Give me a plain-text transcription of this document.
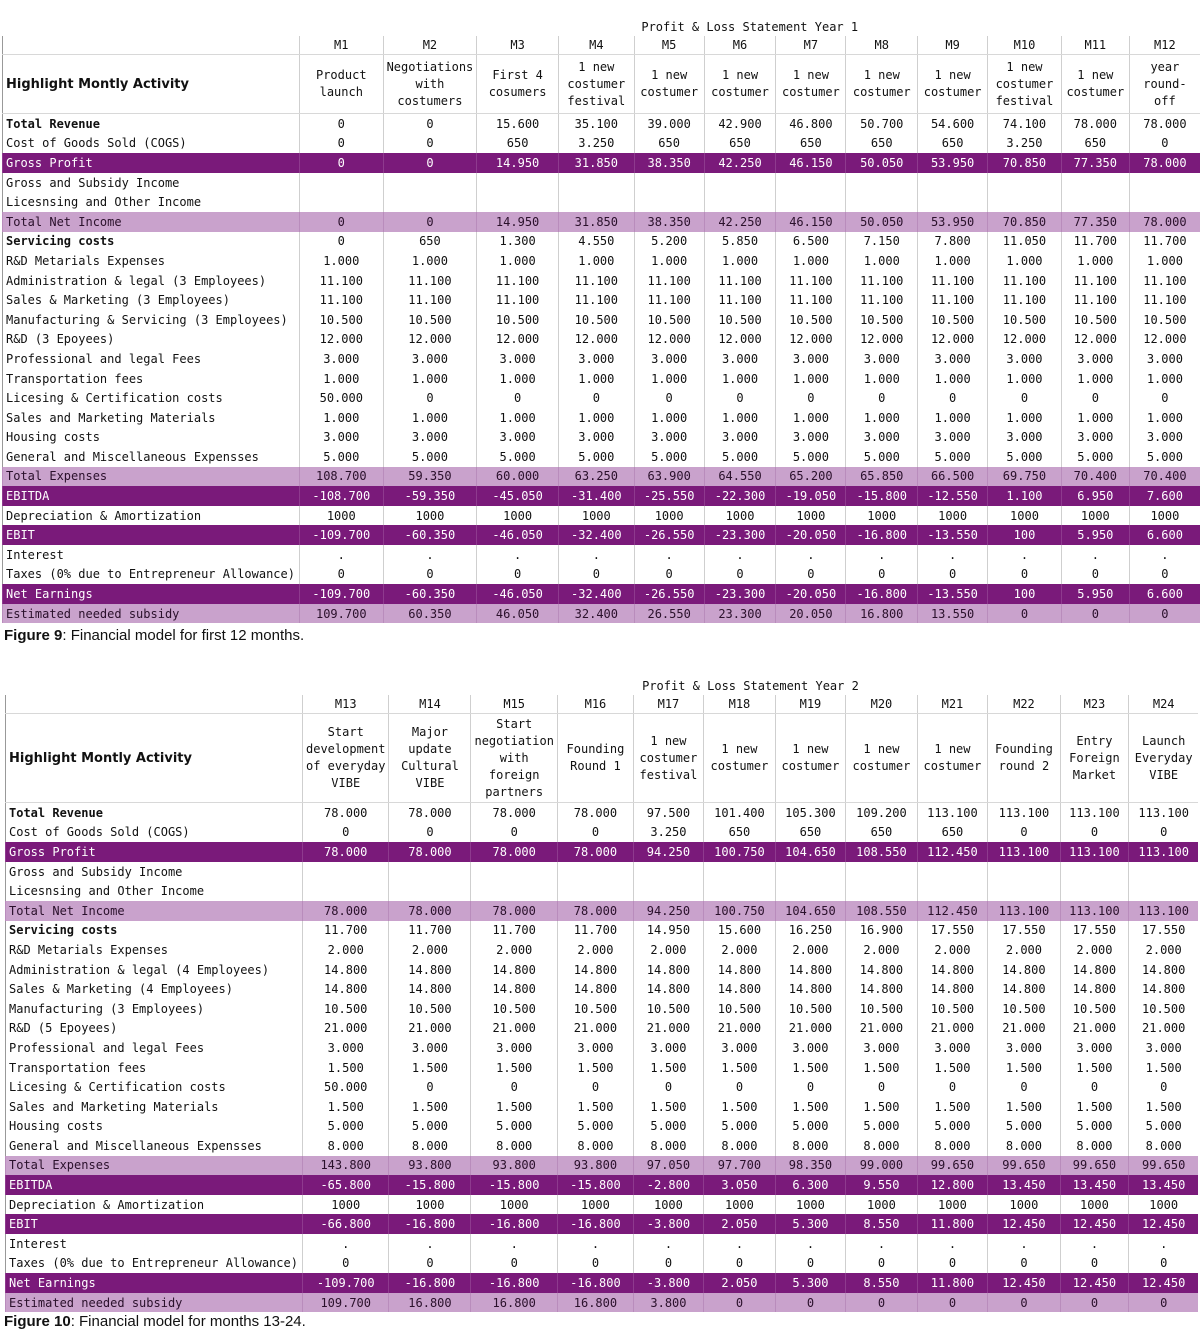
	Profit & Loss Statement Year 1											
	M1	M2	M3	M4	M5	M6	M7	M8	M9	M10	M11	M12
Highlight Montly Activity	Product launch	Negotiations with costumers	First 4 cosumers	1 new costumer festival	1 new costumer	1 new costumer	1 new costumer	1 new costumer	1 new costumer	1 new costumer festival	1 new costumer	year round-off
Total Revenue	0	0	15.600	35.100	39.000	42.900	46.800	50.700	54.600	74.100	78.000	78.000
Cost of Goods Sold (COGS)	0	0	650	3.250	650	650	650	650	650	3.250	650	0
Gross Profit	0	0	14.950	31.850	38.350	42.250	46.150	50.050	53.950	70.850	77.350	78.000
Gross and Subsidy Income												
Licesnsing and Other Income												
Total Net Income	0	0	14.950	31.850	38.350	42.250	46.150	50.050	53.950	70.850	77.350	78.000
Servicing costs	0	650	1.300	4.550	5.200	5.850	6.500	7.150	7.800	11.050	11.700	11.700
R&D Metarials Expenses	1.000	1.000	1.000	1.000	1.000	1.000	1.000	1.000	1.000	1.000	1.000	1.000
Administration & legal (3 Employees)	11.100	11.100	11.100	11.100	11.100	11.100	11.100	11.100	11.100	11.100	11.100	11.100
Sales & Marketing (3 Employees)	11.100	11.100	11.100	11.100	11.100	11.100	11.100	11.100	11.100	11.100	11.100	11.100
Manufacturing & Servicing (3 Employees)	10.500	10.500	10.500	10.500	10.500	10.500	10.500	10.500	10.500	10.500	10.500	10.500
R&D (3 Epoyees)	12.000	12.000	12.000	12.000	12.000	12.000	12.000	12.000	12.000	12.000	12.000	12.000
Professional and legal Fees	3.000	3.000	3.000	3.000	3.000	3.000	3.000	3.000	3.000	3.000	3.000	3.000
Transportation fees	1.000	1.000	1.000	1.000	1.000	1.000	1.000	1.000	1.000	1.000	1.000	1.000
Licesing & Certification costs	50.000	0	0	0	0	0	0	0	0	0	0	0
Sales and Marketing Materials	1.000	1.000	1.000	1.000	1.000	1.000	1.000	1.000	1.000	1.000	1.000	1.000
Housing costs	3.000	3.000	3.000	3.000	3.000	3.000	3.000	3.000	3.000	3.000	3.000	3.000
General and Miscellaneous Expensses	5.000	5.000	5.000	5.000	5.000	5.000	5.000	5.000	5.000	5.000	5.000	5.000
Total Expenses	108.700	59.350	60.000	63.250	63.900	64.550	65.200	65.850	66.500	69.750	70.400	70.400
EBITDA	-108.700	-59.350	-45.050	-31.400	-25.550	-22.300	-19.050	-15.800	-12.550	1.100	6.950	7.600
Depreciation & Amortization	1000	1000	1000	1000	1000	1000	1000	1000	1000	1000	1000	1000
EBIT	-109.700	-60.350	-46.050	-32.400	-26.550	-23.300	-20.050	-16.800	-13.550	100	5.950	6.600
Interest	.	.	.	.	.	.	.	.	.	.	.	.
Taxes (0% due to Entrepreneur Allowance)	0	0	0	0	0	0	0	0	0	0	0	0
Net Earnings	-109.700	-60.350	-46.050	-32.400	-26.550	-23.300	-20.050	-16.800	-13.550	100	5.950	6.600
Estimated needed subsidy	109.700	60.350	46.050	32.400	26.550	23.300	20.050	16.800	13.550	0	0	0
Figure 9: Financial model for first 12 months.
	Profit & Loss Statement Year 2											
	M13	M14	M15	M16	M17	M18	M19	M20	M21	M22	M23	M24
Highlight Montly Activity	Start development of everyday VIBE	Major update Cultural VIBE	Start negotiation with foreign partners	Founding Round 1	1 new costumer festival	1 new costumer	1 new costumer	1 new costumer	1 new costumer	Founding round 2	Entry Foreign Market	Launch Everyday VIBE
Total Revenue	78.000	78.000	78.000	78.000	97.500	101.400	105.300	109.200	113.100	113.100	113.100	113.100
Cost of Goods Sold (COGS)	0	0	0	0	3.250	650	650	650	650	0	0	0
Gross Profit	78.000	78.000	78.000	78.000	94.250	100.750	104.650	108.550	112.450	113.100	113.100	113.100
Gross and Subsidy Income												
Licesnsing and Other Income												
Total Net Income	78.000	78.000	78.000	78.000	94.250	100.750	104.650	108.550	112.450	113.100	113.100	113.100
Servicing costs	11.700	11.700	11.700	11.700	14.950	15.600	16.250	16.900	17.550	17.550	17.550	17.550
R&D Metarials Expenses	2.000	2.000	2.000	2.000	2.000	2.000	2.000	2.000	2.000	2.000	2.000	2.000
Administration & legal (4 Employees)	14.800	14.800	14.800	14.800	14.800	14.800	14.800	14.800	14.800	14.800	14.800	14.800
Sales & Marketing (4 Employees)	14.800	14.800	14.800	14.800	14.800	14.800	14.800	14.800	14.800	14.800	14.800	14.800
Manufacturing (3 Employees)	10.500	10.500	10.500	10.500	10.500	10.500	10.500	10.500	10.500	10.500	10.500	10.500
R&D (5 Epoyees)	21.000	21.000	21.000	21.000	21.000	21.000	21.000	21.000	21.000	21.000	21.000	21.000
Professional and legal Fees	3.000	3.000	3.000	3.000	3.000	3.000	3.000	3.000	3.000	3.000	3.000	3.000
Transportation fees	1.500	1.500	1.500	1.500	1.500	1.500	1.500	1.500	1.500	1.500	1.500	1.500
Licesing & Certification costs	50.000	0	0	0	0	0	0	0	0	0	0	0
Sales and Marketing Materials	1.500	1.500	1.500	1.500	1.500	1.500	1.500	1.500	1.500	1.500	1.500	1.500
Housing costs	5.000	5.000	5.000	5.000	5.000	5.000	5.000	5.000	5.000	5.000	5.000	5.000
General and Miscellaneous Expensses	8.000	8.000	8.000	8.000	8.000	8.000	8.000	8.000	8.000	8.000	8.000	8.000
Total Expenses	143.800	93.800	93.800	93.800	97.050	97.700	98.350	99.000	99.650	99.650	99.650	99.650
EBITDA	-65.800	-15.800	-15.800	-15.800	-2.800	3.050	6.300	9.550	12.800	13.450	13.450	13.450
Depreciation & Amortization	1000	1000	1000	1000	1000	1000	1000	1000	1000	1000	1000	1000
EBIT	-66.800	-16.800	-16.800	-16.800	-3.800	2.050	5.300	8.550	11.800	12.450	12.450	12.450
Interest	.	.	.	.	.	.	.	.	.	.	.	.
Taxes (0% due to Entrepreneur Allowance)	0	0	0	0	0	0	0	0	0	0	0	0
Net Earnings	-109.700	-16.800	-16.800	-16.800	-3.800	2.050	5.300	8.550	11.800	12.450	12.450	12.450
Estimated needed subsidy	109.700	16.800	16.800	16.800	3.800	0	0	0	0	0	0	0
Figure 10: Financial model for months 13-24.
